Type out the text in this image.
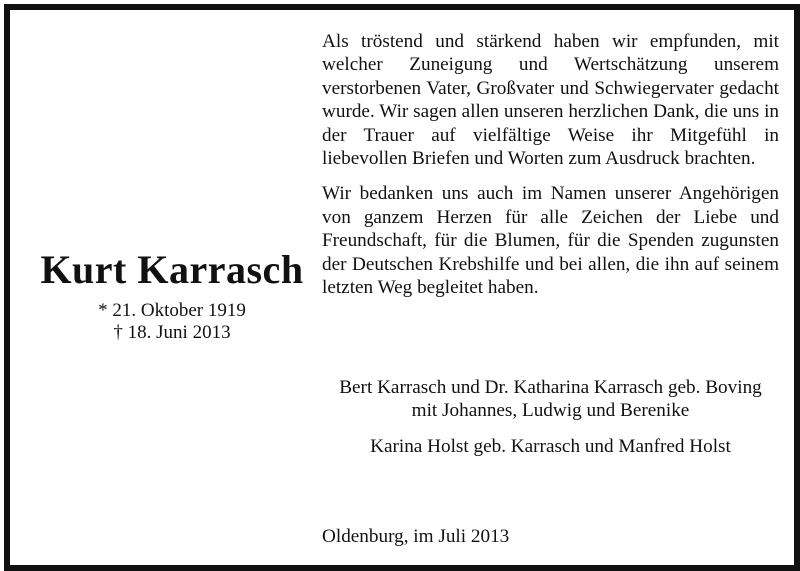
Kurt Karrasch
* 21. Oktober 1919
† 18. Juni 2013

Als tröstend und stärkend haben wir empfunden, mit welcher Zuneigung und Wertschätzung unserem verstorbenen Vater, Großvater und Schwiegervater gedacht wurde. Wir sagen allen unseren herzlichen Dank, die uns in der Trauer auf vielfältige Weise ihr Mitgefühl in liebevollen Briefen und Worten zum Ausdruck brachten.

Wir bedanken uns auch im Namen unserer Angehörigen von ganzem Herzen für alle Zeichen der Liebe und Freundschaft, für die Blumen, für die Spenden zugunsten der Deutschen Krebshilfe und bei allen, die ihn auf seinem letzten Weg begleitet haben.

Bert Karrasch und Dr. Katharina Karrasch geb. Boving
mit Johannes, Ludwig und Berenike
Karina Holst geb. Karrasch und Manfred Holst
Oldenburg, im Juli 2013
